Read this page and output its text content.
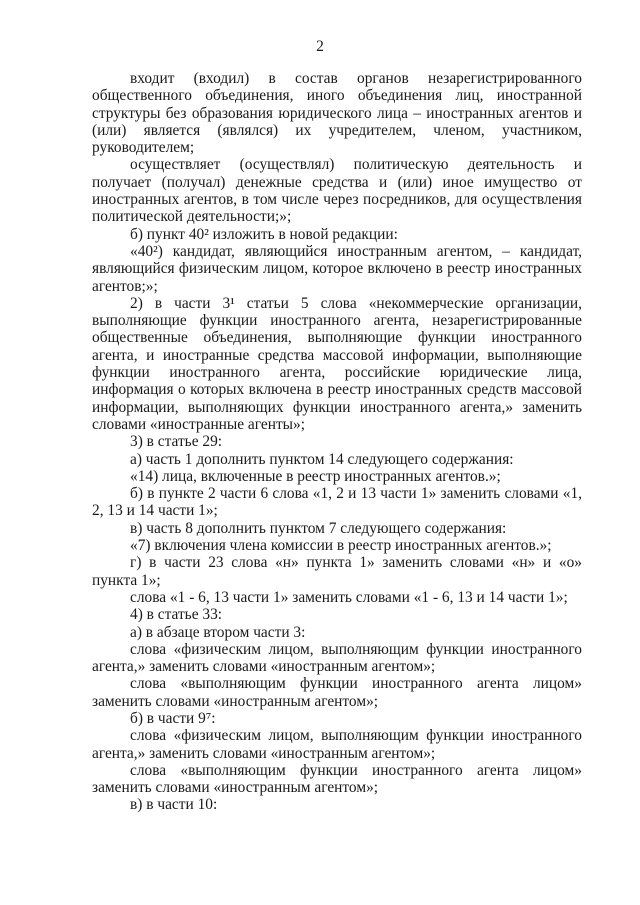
2

входит (входил) в состав органов незарегистрированного общественного объединения, иного объединения лиц, иностранной структуры без образования юридического лица – иностранных агентов и (или) является (являлся) их учредителем, членом, участником, руководителем;

осуществляет (осуществлял) политическую деятельность и получает (получал) денежные средства и (или) иное имущество от иностранных агентов, в том числе через посредников, для осуществления политической деятельности;»;

б) пункт 40² изложить в новой редакции:

«40²) кандидат, являющийся иностранным агентом, – кандидат, являющийся физическим лицом, которое включено в реестр иностранных агентов;»;

2) в части 3¹ статьи 5 слова «некоммерческие организации, выполняющие функции иностранного агента, незарегистрированные общественные объединения, выполняющие функции иностранного агента, и иностранные средства массовой информации, выполняющие функции иностранного агента, российские юридические лица, информация о которых включена в реестр иностранных средств массовой информации, выполняющих функции иностранного агента,» заменить словами «иностранные агенты»;

3) в статье 29:

а) часть 1 дополнить пунктом 14 следующего содержания:

«14) лица, включенные в реестр иностранных агентов.»;

б) в пункте 2 части 6 слова «1, 2 и 13 части 1» заменить словами «1, 2, 13 и 14 части 1»;

в) часть 8 дополнить пунктом 7 следующего содержания:

«7) включения члена комиссии в реестр иностранных агентов.»;

г) в части 23 слова «н» пункта 1» заменить словами «н» и «о» пункта 1»;

слова «1 - 6, 13 части 1» заменить словами «1 - 6, 13 и 14 части 1»;

4) в статье 33:

а) в абзаце втором части 3:

слова «физическим лицом, выполняющим функции иностранного агента,» заменить словами «иностранным агентом»;

слова «выполняющим функции иностранного агента лицом» заменить словами «иностранным агентом»;

б) в части 9⁷:

слова «физическим лицом, выполняющим функции иностранного агента,» заменить словами «иностранным агентом»;

слова «выполняющим функции иностранного агента лицом» заменить словами «иностранным агентом»;

в) в части 10:
